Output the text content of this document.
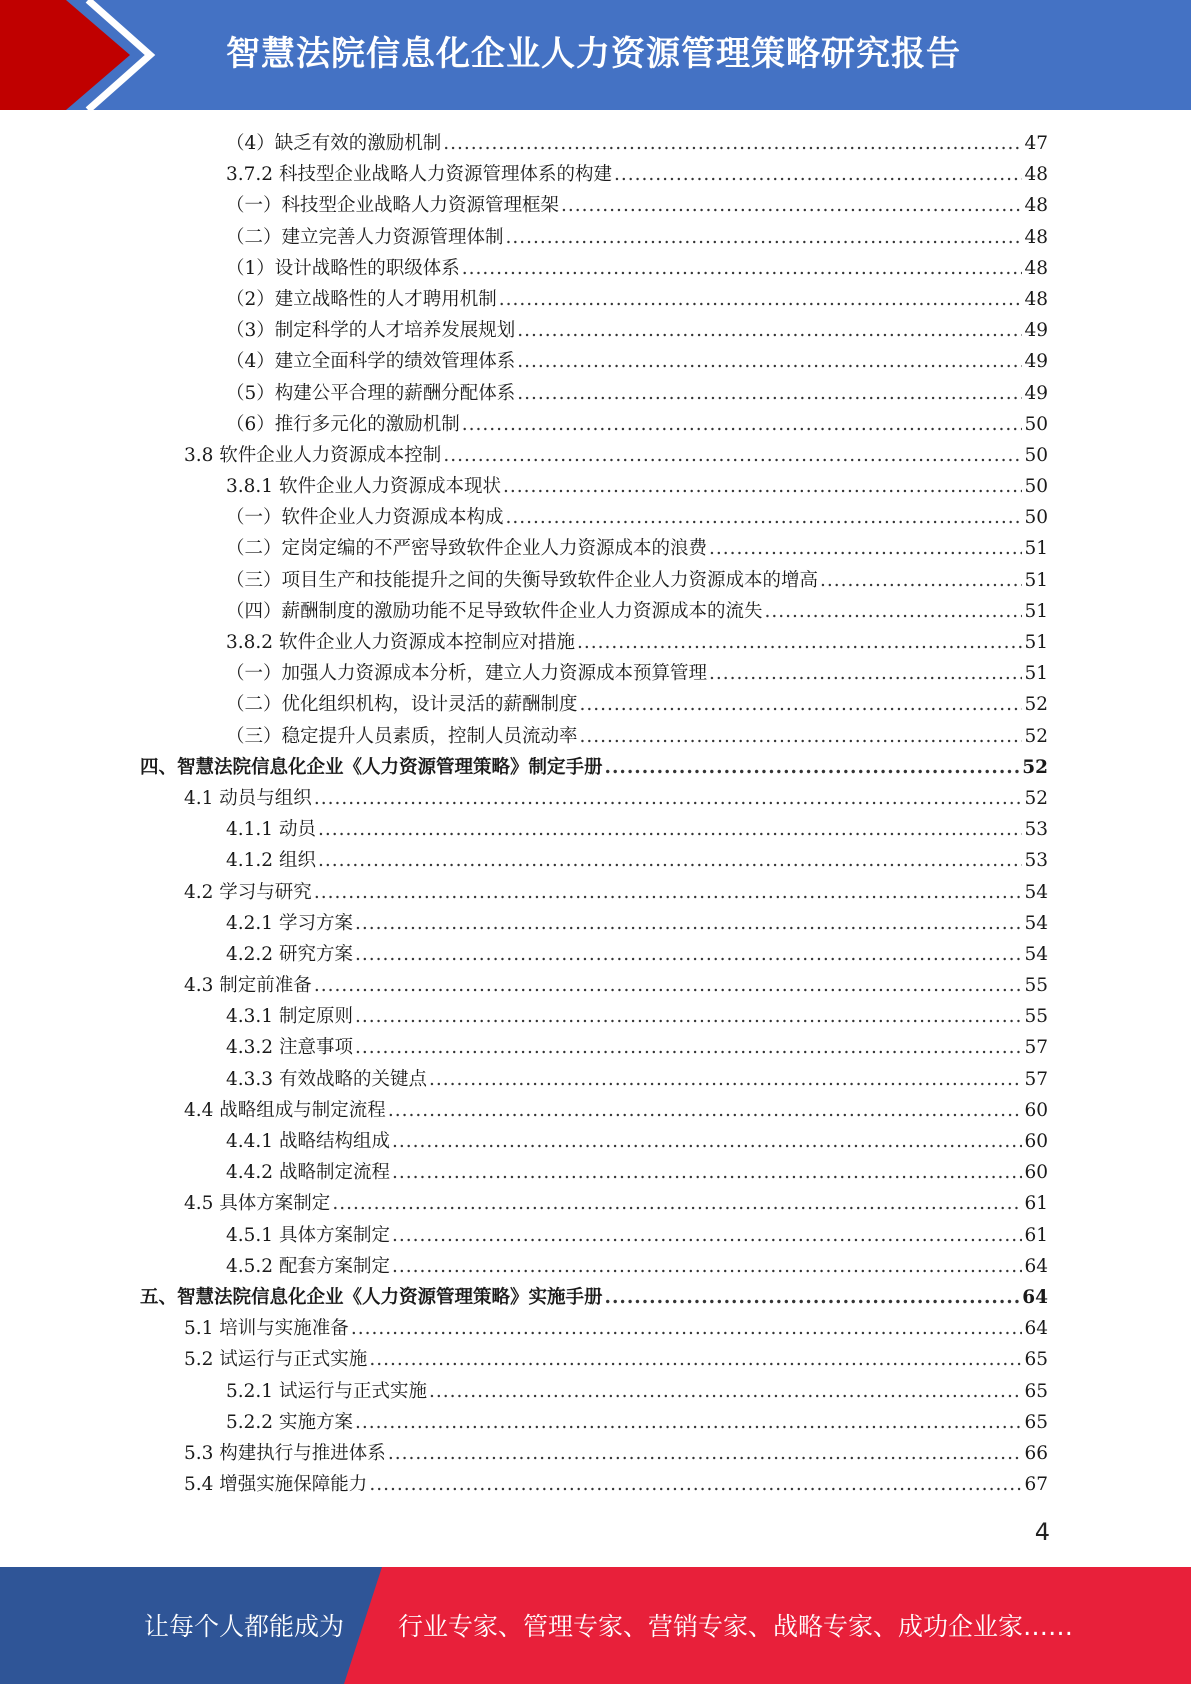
智慧法院信息化企业人力资源管理策略研究报告
（4）缺乏有效的激励机制 .....	47
3.7.2 科技型企业战略人力资源管理体系的构建 .....	48
（一）科技型企业战略人力资源管理框架 .....	48
（二）建立完善人力资源管理体制 .....	48
（1）设计战略性的职级体系 .....	48
（2）建立战略性的人才聘用机制 .....	48
（3）制定科学的人才培养发展规划 .....	49
（4）建立全面科学的绩效管理体系 .....	49
（5）构建公平合理的薪酬分配体系 .....	49
（6）推行多元化的激励机制 .....	50
3.8 软件企业人力资源成本控制 .....	50
3.8.1 软件企业人力资源成本现状 .....	50
（一）软件企业人力资源成本构成 .....	50
（二）定岗定编的不严密导致软件企业人力资源成本的浪费 .....	51
（三）项目生产和技能提升之间的失衡导致软件企业人力资源成本的增高 .....	51
（四）薪酬制度的激励功能不足导致软件企业人力资源成本的流失 .....	51
3.8.2 软件企业人力资源成本控制应对措施 .....	51
（一）加强人力资源成本分析，建立人力资源成本预算管理 .....	51
（二）优化组织机构，设计灵活的薪酬制度 .....	52
（三）稳定提升人员素质，控制人员流动率 .....	52
四、智慧法院信息化企业《人力资源管理策略》制定手册 .....	52
4.1 动员与组织 .....	52
4.1.1 动员 .....	53
4.1.2 组织 .....	53
4.2 学习与研究 .....	54
4.2.1 学习方案 .....	54
4.2.2 研究方案 .....	54
4.3 制定前准备 .....	55
4.3.1 制定原则 .....	55
4.3.2 注意事项 .....	57
4.3.3 有效战略的关键点 .....	57
4.4 战略组成与制定流程 .....	60
4.4.1 战略结构组成 .....	60
4.4.2 战略制定流程 .....	60
4.5 具体方案制定 .....	61
4.5.1 具体方案制定 .....	61
4.5.2 配套方案制定 .....	64
五、智慧法院信息化企业《人力资源管理策略》实施手册 .....	64
5.1 培训与实施准备 .....	64
5.2 试运行与正式实施 .....	65
5.2.1 试运行与正式实施 .....	65
5.2.2 实施方案 .....	65
5.3 构建执行与推进体系 .....	66
5.4 增强实施保障能力 .....	67
4
让每个人都能成为 行业专家、管理专家、营销专家、战略专家、成功企业家……
